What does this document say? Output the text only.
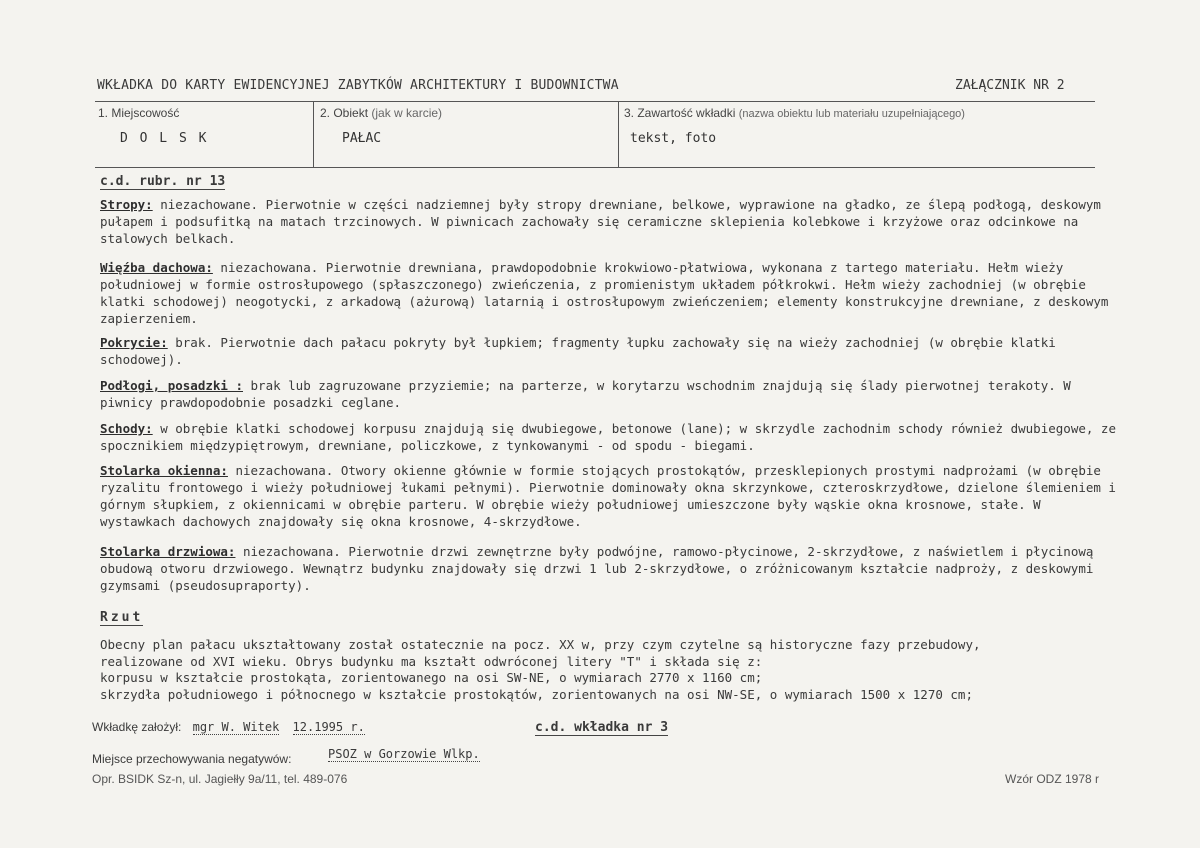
WKŁADKA DO KARTY EWIDENCYJNEJ ZABYTKÓW ARCHITEKTURY I BUDOWNICTWA	ZAŁĄCZNIK NR 2
1. Miejscowość
D O L S K
2. Obiekt (jak w karcie)
PAŁAC
3. Zawartość wkładki (nazwa obiektu lub materiału uzupełniającego)
tekst, foto
c.d. rubr. nr 13
Stropy: niezachowane. Pierwotnie w części nadziemnej były stropy drewniane, belkowe, wyprawione na gładko, ze ślepą podłogą, deskowym pułapem i podsufitką na matach trzcinowych. W piwnicach zachowały się ceramiczne sklepienia kolebkowe i krzyżowe oraz odcinkowe na stalowych belkach.
Więźba dachowa: niezachowana. Pierwotnie drewniana, prawdopodobnie krokwiowo-płatwiowa, wykonana z tartego materiału. Hełm wieży południowej w formie ostrosłupowego (spłaszczonego) zwieńczenia, z promienistym układem półkrokwi. Hełm wieży zachodniej (w obrębie klatki schodowej) neogotycki, z arkadową (ażurową) latarnią i ostrosłupowym zwieńczeniem; elementy konstrukcyjne drewniane, z deskowym zapierzeniem.
Pokrycie: brak. Pierwotnie dach pałacu pokryty był łupkiem; fragmenty łupku zachowały się na wieży zachodniej (w obrębie klatki schodowej).
Podłogi, posadzki : brak lub zagruzowane przyziemie; na parterze, w korytarzu wschodnim znajdują się ślady pierwotnej terakoty. W piwnicy prawdopodobnie posadzki ceglane.
Schody: w obrębie klatki schodowej korpusu znajdują się dwubiegowe, betonowe (lane); w skrzydle zachodnim schody również dwubiegowe, ze spocznikiem międzypiętrowym, drewniane, policzkowe, z tynkowanymi - od spodu - biegami.
Stolarka okienna: niezachowana. Otwory okienne głównie w formie stojących prostokątów, przesklepionych prostymi nadprożami (w obrębie ryzalitu frontowego i wieży południowej łukami pełnymi). Pierwotnie dominowały okna skrzynkowe, czteroskrzydłowe, dzielone ślemieniem i górnym słupkiem, z okiennicami w obrębie parteru. W obrębie wieży południowej umieszczone były wąskie okna krosnowe, stałe. W wystawkach dachowych znajdowały się okna krosnowe, 4-skrzydłowe.
Stolarka drzwiowa: niezachowana. Pierwotnie drzwi zewnętrzne były podwójne, ramowo-płycinowe, 2-skrzydłowe, z naświetlem i płycinową obudową otworu drzwiowego. Wewnątrz budynku znajdowały się drzwi 1 lub 2-skrzydłowe, o zróżnicowanym kształcie nadproży, z deskowymi gzymsami (pseudosupraporty).
Rzut
Obecny plan pałacu ukształtowany został ostatecznie na pocz. XX w, przy czym czytelne są historyczne fazy przebudowy,
realizowane od XVI wieku. Obrys budynku ma kształt odwróconej litery "T" i składa się z:
korpusu w kształcie prostokąta, zorientowanego na osi SW-NE, o wymiarach 2770 x 1160 cm;
skrzydła południowego i północnego w kształcie prostokątów, zorientowanych na osi NW-SE, o wymiarach 1500 x 1270 cm;
Wkładkę założył: mgr W. Witek 12.1995 r.	c.d. wkładka nr 3
Miejsce przechowywania negatywów:	PSOZ w Gorzowie Wlkp.
Opr. BSIDK Sz-n, ul. Jagiełły 9a/11, tel. 489-076	Wzór ODZ 1978 r
